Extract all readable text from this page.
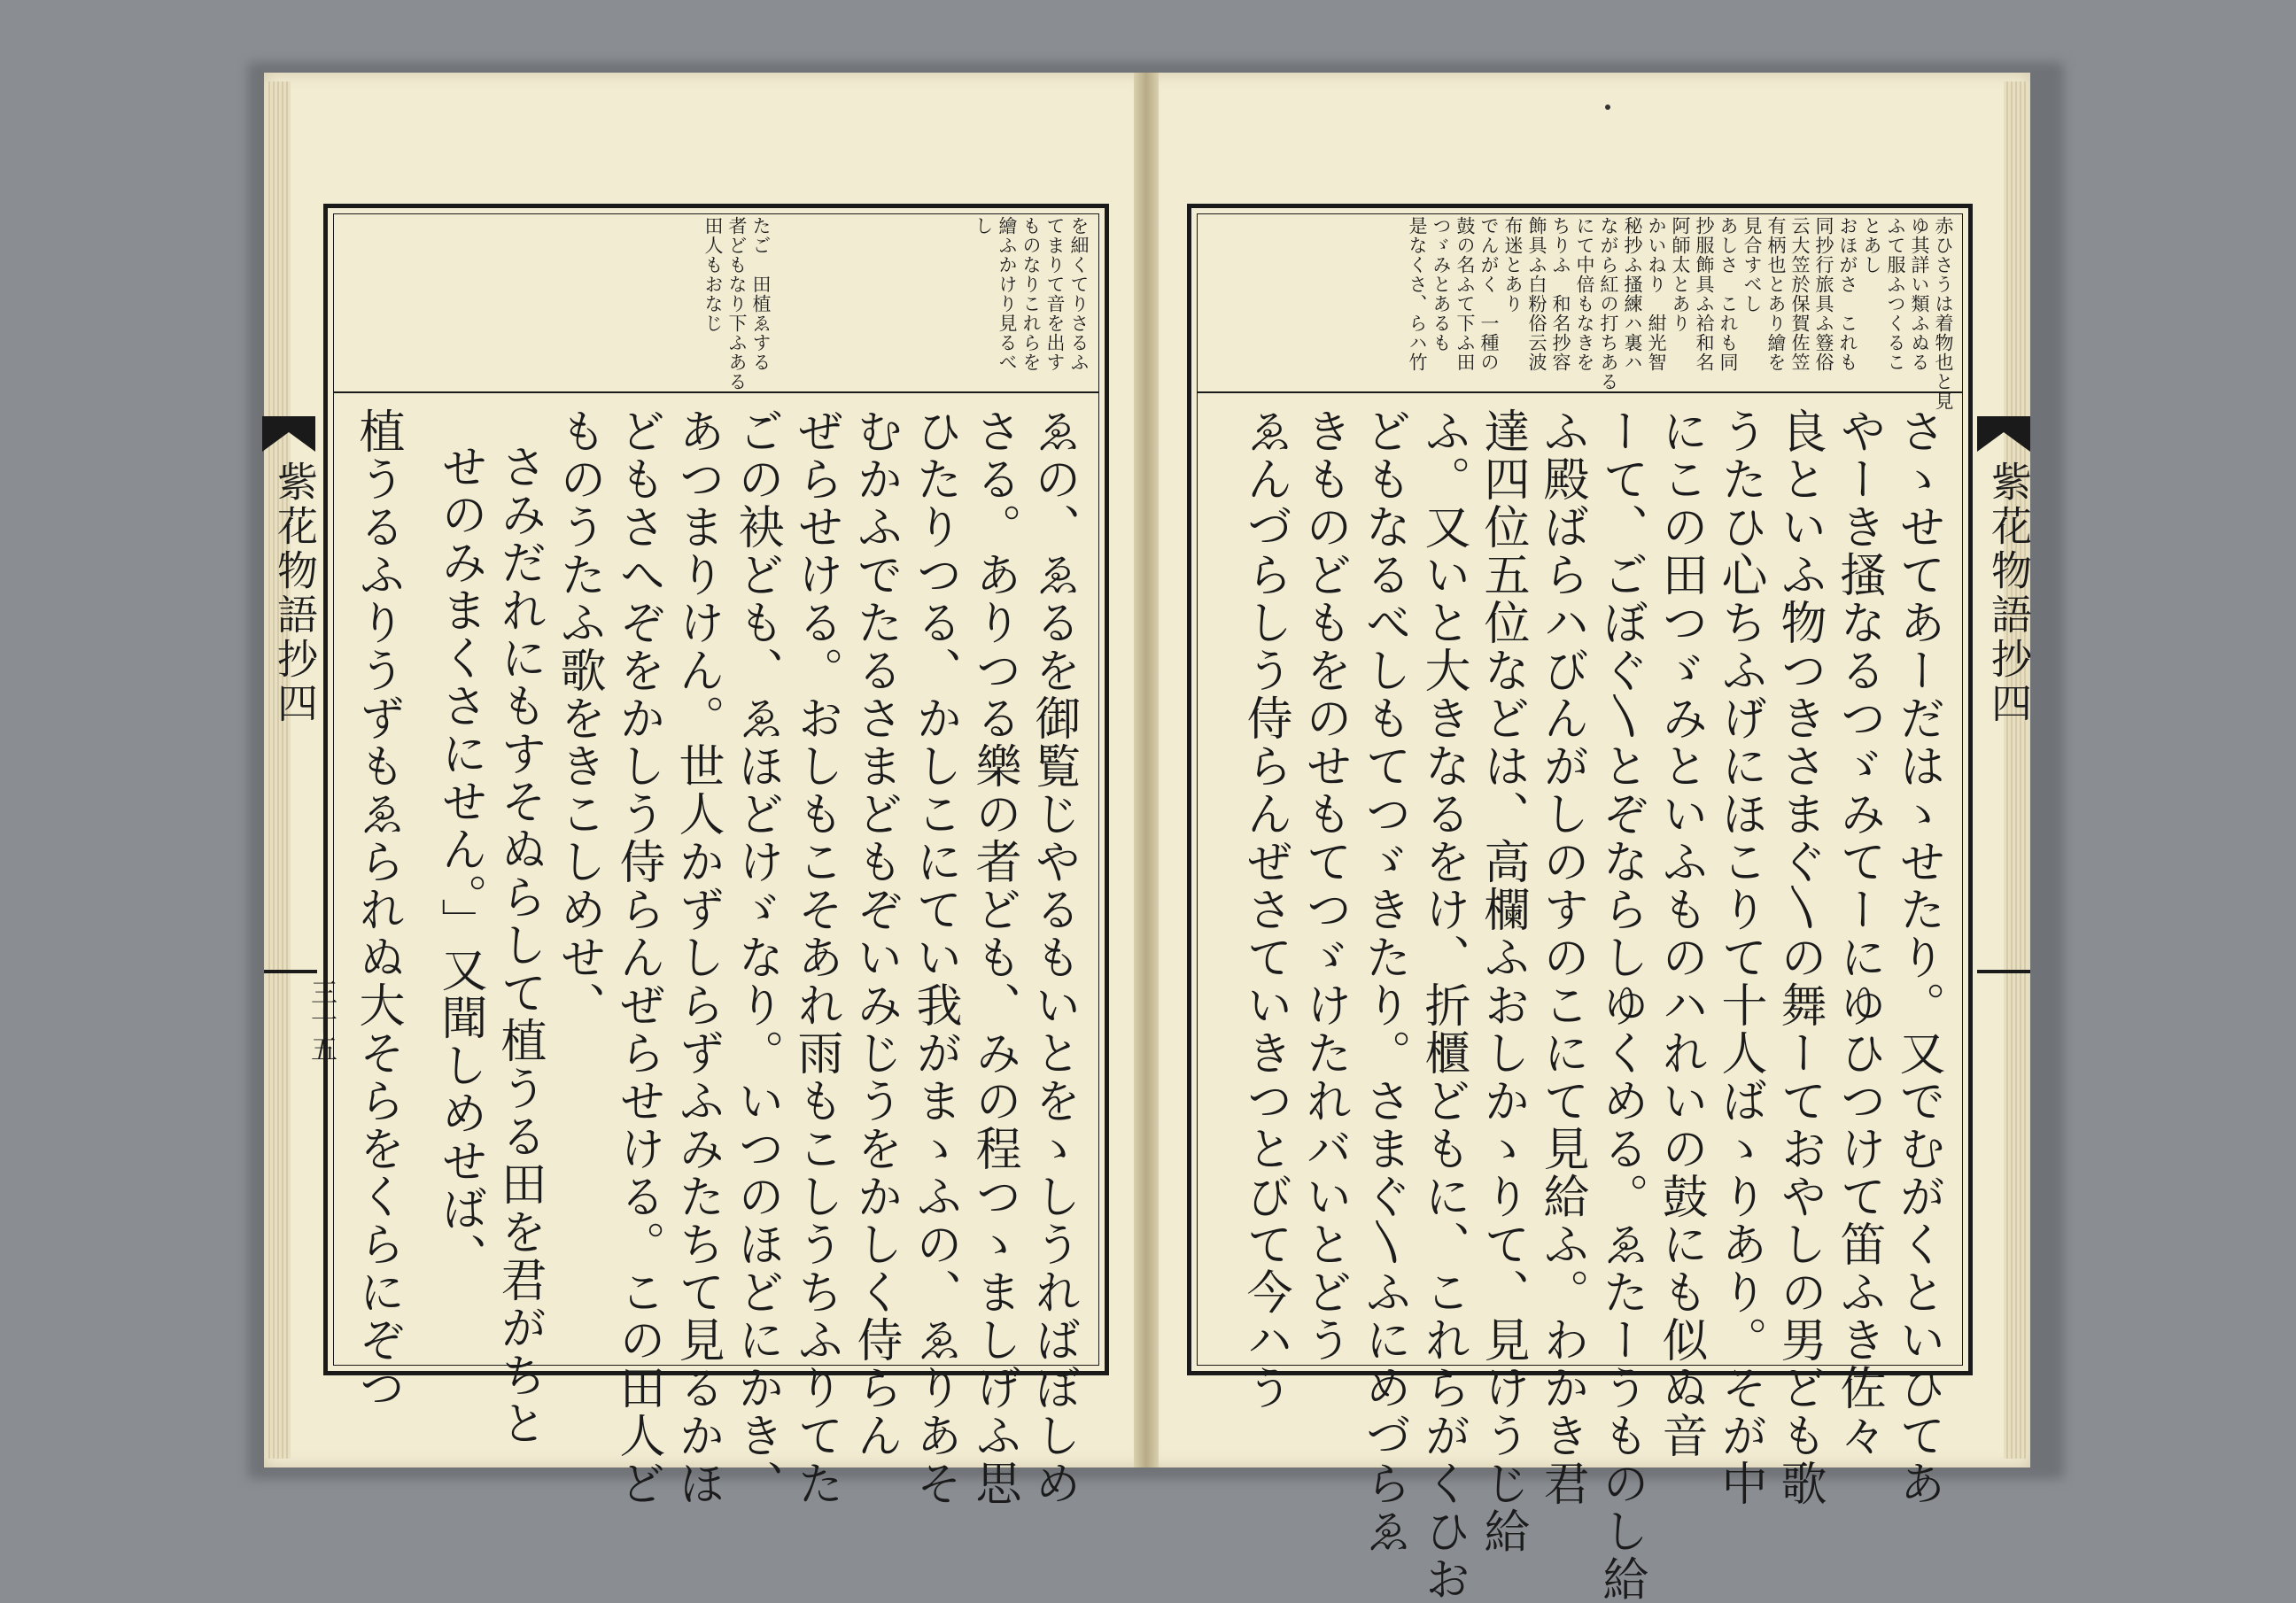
紫花物語抄四
三十五
紫花物語抄四
を細くてりさるふ
てまりて音を出す
ものなりこれらを
繪ふかけり見るべ
し
たご　田植ゑする
者どもなり下ふある
田人もおなじ
ゑの、ゑるを御覧じやるもいとをゝしうればぼしめ
さる。ありつる樂の者ども、みの程つゝましげふ思
ひたりつる、かしこにてい我がまゝふの、ゑりあそ
むかふでたるさまどもぞいみじうをかしく侍らん
ぜらせける。おしもこそあれ雨もこしうちふりてた
ごの袂ども、ゑほどけゞなり。いつのほどにかき、
あつまりけん。世人かずしらずふみたちて見るかほ
どもさへぞをかしう侍らんぜらせける。この田人ど
ものうたふ歌をきこしめせ、
さみだれにもすそぬらして植うる田を君がちと
せのみまくさにせん。」又聞しめせば、
植うるふりうずもゑられぬ大そらをくらにぞつ
赤ひさうは着物也と見
ゆ其詳い類ふぬる
ふて服ふつくるこ
とあし
おほがさ　これも
同抄行旅具ふ簦俗
云大笠於保賀佐笠
有柄也とあり繪を
見合すべし
あしさ　これも同
抄服飾具ふ袷和名
阿師太とあり
かいねり　紺光智
秘抄ふ搔練ハ裏ハ
ながら紅の打ちある
にて中倍もなきを
ちりふ　和名抄容
飾具ふ白粉俗云波
布迷とあり
でんがく　一種の
鼓の名ふて下ふ田
つゞみとあるも
是なくさ、らハ竹
さゝせてあーだはゝせたり。又でむがくといひてあ
やーき搔なるつゞみてーにゆひつけて笛ふき佐々
良といふ物つきさまぐ〵の舞ーておやしの男ども歌
うたひ心ちふげにほこりて十人ばゝりあり。そが中
にこの田つゞみといふものハれいの鼓にも似ぬ音
ーて、ごぼぐ〵とぞならしゆくめる。ゑたーうものし給
ふ殿ばらハびんがしのすのこにて見給ふ。わかき君
達四位五位などは、高欄ふおしかゝりて、見けうじ給
ふ。又いと大きなるをけ、折櫃どもに、これらがくひお
どもなるべしもてつゞきたり。さまぐ〵ふにめづらゑ
きものどもをのせもてつゞけたれバいとどう
ゑんづらしう侍らんぜさていきつとびて今ハう
